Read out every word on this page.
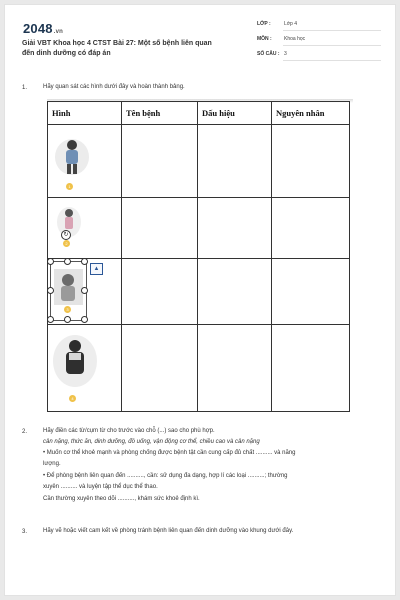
2048.vn
Giải VBT Khoa học 4 CTST Bài 27: Một số bệnh liên quan
đến dinh dưỡng có đáp án
LỚP :	Lớp 4
MÔN : Khoa học
SỐ CÂU : 3
1.	Hãy quan sát các hình dưới đây và hoàn thành bảng.
Hình	Tên bệnh	Dấu hiệu	Nguyên nhân

1			

↻
2			

3
▲			

4			

2.	Hãy điền các từ/cụm từ cho trước vào chỗ (...) sao cho phù hợp.
cân nặng, thức ăn, dinh dưỡng, đồ uống, vận động cơ thể, chiều cao và cân nặng
• Muốn cơ thể khoẻ mạnh và phòng chống được bệnh tật cần cung cấp đủ chất .......... và năng
lượng.
• Để phòng bệnh liên quan đến .........., cần: sử dụng đa dạng, hợp lí các loại ..........; thường
xuyên .......... và luyện tập thể dục thể thao.
Cần thường xuyên theo dõi .........., khám sức khoẻ định kì.
3.	Hãy vẽ hoặc viết cam kết về phòng tránh bệnh liên quan đến dinh dưỡng vào khung dưới đây.
